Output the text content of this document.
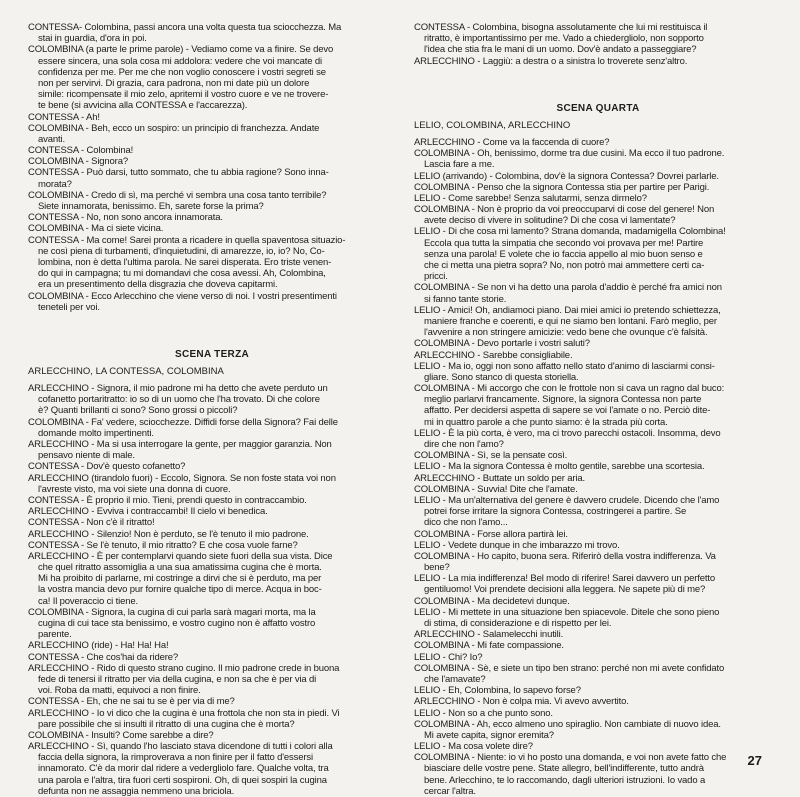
CONTESSA- Colombina, passi ancora una volta questa tua sciocchezza. Ma
stai in guardia, d'ora in poi.
COLOMBINA (a parte le prime parole) - Vediamo come va a finire. Se devo
essere sincera, una sola cosa mi addolora: vedere che voi mancate di
confidenza per me. Per me che non voglio conoscere i vostri segreti se
non per servirvi. Di grazia, cara padrona, non mi date più un dolore
simile: ricompensate il mio zelo, apritemi il vostro cuore e ve ne trovere-
te bene (si avvicina alla CONTESSA e l'accarezza).
CONTESSA - Ah!
COLOMBINA - Beh, ecco un sospiro: un principio di franchezza. Andate
avanti.
CONTESSA - Colombina!
COLOMBINA - Signora?
CONTESSA - Può darsi, tutto sommato, che tu abbia ragione? Sono inna-
morata?
COLOMBINA - Credo di sì, ma perché vi sembra una cosa tanto terribile?
Siete innamorata, benissimo. Eh, sarete forse la prima?
CONTESSA - No, non sono ancora innamorata.
COLOMBINA - Ma ci siete vicina.
CONTESSA - Ma come! Sarei pronta a ricadere in quella spaventosa situazio-
ne così piena di turbamenti, d'inquietudini, di amarezze, io, io? No, Co-
lombina, non è detta l'ultima parola. Ne sarei disperata. Ero triste venen-
do qui in campagna; tu mi domandavi che cosa avessi. Ah, Colombina,
era un presentimento della disgrazia che doveva capitarmi.
COLOMBINA - Ecco Arlecchino che viene verso di noi. I vostri presentimenti
teneteli per voi.
SCENA TERZA
ARLECCHINO, LA CONTESSA, COLOMBINA
ARLECCHINO - Signora, il mio padrone mi ha detto che avete perduto un
cofanetto portaritratto: io so di un uomo che l'ha trovato. Di che colore
è? Quanti brillanti ci sono? Sono grossi o piccoli?
COLOMBINA - Fa' vedere, sciocchezze. Diffidi forse della Signora? Fai delle
domande molto impertinenti.
ARLECCHINO - Ma si usa interrogare la gente, per maggior garanzia. Non
pensavo niente di male.
CONTESSA - Dov'è questo cofanetto?
ARLECCHINO (tirandolo fuori) - Eccolo, Signora. Se non foste stata voi non
l'avreste visto, ma voi siete una donna di cuore.
CONTESSA - È proprio il mio. Tieni, prendi questo in contraccambio.
ARLECCHINO - Evviva i contraccambi! Il cielo vi benedica.
CONTESSA - Non c'è il ritratto!
ARLECCHINO - Silenzio! Non è perduto, se l'è tenuto il mio padrone.
CONTESSA - Se l'è tenuto, il mio ritratto? E che cosa vuole farne?
ARLECCHINO - È per contemplarvi quando siete fuori della sua vista. Dice
che quel ritratto assomiglia a una sua amatissima cugina che è morta.
Mi ha proibito di parlarne, mi costringe a dirvi che si è perduto, ma per
la vostra mancia devo pur fornire qualche tipo di merce. Acqua in boc-
ca! Il poveraccio ci tiene.
COLOMBINA - Signora, la cugina di cui parla sarà magari morta, ma la
cugina di cui tace sta benissimo, e vostro cugino non è affatto vostro
parente.
ARLECCHINO (ride) - Ha! Ha! Ha!
CONTESSA - Che cos'hai da ridere?
ARLECCHINO - Rido di questo strano cugino. Il mio padrone crede in buona
fede di tenersi il ritratto per via della cugina, e non sa che è per via di
voi. Roba da matti, equivoci a non finire.
CONTESSA - Eh, che ne sai tu se è per via di me?
ARLECCHINO - Io vi dico che la cugina è una frottola che non sta in piedi. Vi
pare possibile che si insulti il ritratto di una cugina che è morta?
COLOMBINA - Insulti? Come sarebbe a dire?
ARLECCHINO - Sì, quando l'ho lasciato stava dicendone di tutti i colori alla
faccia della signora, la rimproverava a non finire per il fatto d'essersi
innamorato. C'è da morir dal ridere a vedergliolo fare. Qualche volta, tra
una parola e l'altra, tira fuori certi sospironi. Oh, di quei sospiri la cugina
defunta non ne assaggia nemmeno una briciola.
CONTESSA - Colombina, bisogna assolutamente che lui mi restituisca il
ritratto, è importantissimo per me. Vado a chiedergliolo, non sopporto
l'idea che stia fra le mani di un uomo. Dov'è andato a passeggiare?
ARLECCHINO - Laggiù: a destra o a sinistra lo troverete senz'altro.
SCENA QUARTA
LELIO, COLOMBINA, ARLECCHINO
ARLECCHINO - Come va la faccenda di cuore?
COLOMBINA - Oh, benissimo, dorme tra due cusini. Ma ecco il tuo padrone.
Lascia fare a me.
LELIO (arrivando) - Colombina, dov'è la signora Contessa? Dovrei parlarle.
COLOMBINA - Penso che la signora Contessa stia per partire per Parigi.
LELIO - Come sarebbe! Senza salutarmi, senza dirmelo?
COLOMBINA - Non è proprio da voi preoccuparvi di cose del genere! Non
avete deciso di vivere in solitudine? Di che cosa vi lamentate?
LELIO - Di che cosa mi lamento? Strana domanda, madamigella Colombina!
Eccola qua tutta la simpatia che secondo voi provava per me! Partire
senza una parola! E volete che io faccia appello al mio buon senso e
che ci metta una pietra sopra? No, non potrò mai ammettere certi ca-
pricci.
COLOMBINA - Se non vi ha detto una parola d'addio è perché fra amici non
si fanno tante storie.
LELIO - Amici! Oh, andiamoci piano. Dai miei amici io pretendo schiettezza,
maniere franche e coerenti, e qui ne siamo ben lontani. Farò meglio, per
l'avvenire a non stringere amicizie: vedo bene che ovunque c'è falsità.
COLOMBINA - Devo portarle i vostri saluti?
ARLECCHINO - Sarebbe consigliabile.
LELIO - Ma io, oggi non sono affatto nello stato d'animo di lasciarmi consi-
gliare. Sono stanco di questa storiella.
COLOMBINA - Mi accorgo che con le frottole non si cava un ragno dal buco:
meglio parlarvi francamente. Signore, la signora Contessa non parte
affatto. Per decidersi aspetta di sapere se voi l'amate o no. Perciò dite-
mi in quattro parole a che punto siamo: è la strada più corta.
LELIO - È la più corta, è vero, ma ci trovo parecchi ostacoli. Insomma, devo
dire che non l'amo?
COLOMBINA - Sì, se la pensate così.
LELIO - Ma la signora Contessa è molto gentile, sarebbe una scortesia.
ARLECCHINO - Buttate un soldo per aria.
COLOMBINA - Suvvia! Dite che l'amate.
LELIO - Ma un'alternativa del genere è davvero crudele. Dicendo che l'amo
potrei forse irritare la signora Contessa, costringerei a partire. Se
dico che non l'amo...
COLOMBINA - Forse allora partirà lei.
LELIO - Vedete dunque in che imbarazzo mi trovo.
COLOMBINA - Ho capito, buona sera. Riferirò della vostra indifferenza. Va
bene?
LELIO - La mia indifferenza! Bel modo di riferire! Sarei davvero un perfetto
gentiluomo! Voi prendete decisioni alla leggera. Ne sapete più di me?
COLOMBINA - Ma decidetevi dunque.
LELIO - Mi mettete in una situazione ben spiacevole. Ditele che sono pieno
di stima, di considerazione e di rispetto per lei.
ARLECCHINO - Salamelecchi inutili.
COLOMBINA - Mi fate compassione.
LELIO - Chi? Io?
COLOMBINA - Sè, e siete un tipo ben strano: perché non mi avete confidato
che l'amavate?
LELIO - Eh, Colombina, lo sapevo forse?
ARLECCHINO - Non è colpa mia. Vi avevo avvertito.
LELIO - Non so a che punto sono.
COLOMBINA - Ah, ecco almeno uno spiraglio. Non cambiate di nuovo idea.
Mi avete capita, signor eremita?
LELIO - Ma cosa volete dire?
COLOMBINA - Niente: io vi ho posto una domanda, e voi non avete fatto che
biasciare delle vostre pene. State allegro, bell'indifferente, tutto andrà
bene. Arlecchino, te lo raccomando, dagli ulteriori istruzioni. Io vado a
cercar l'altra.
27
